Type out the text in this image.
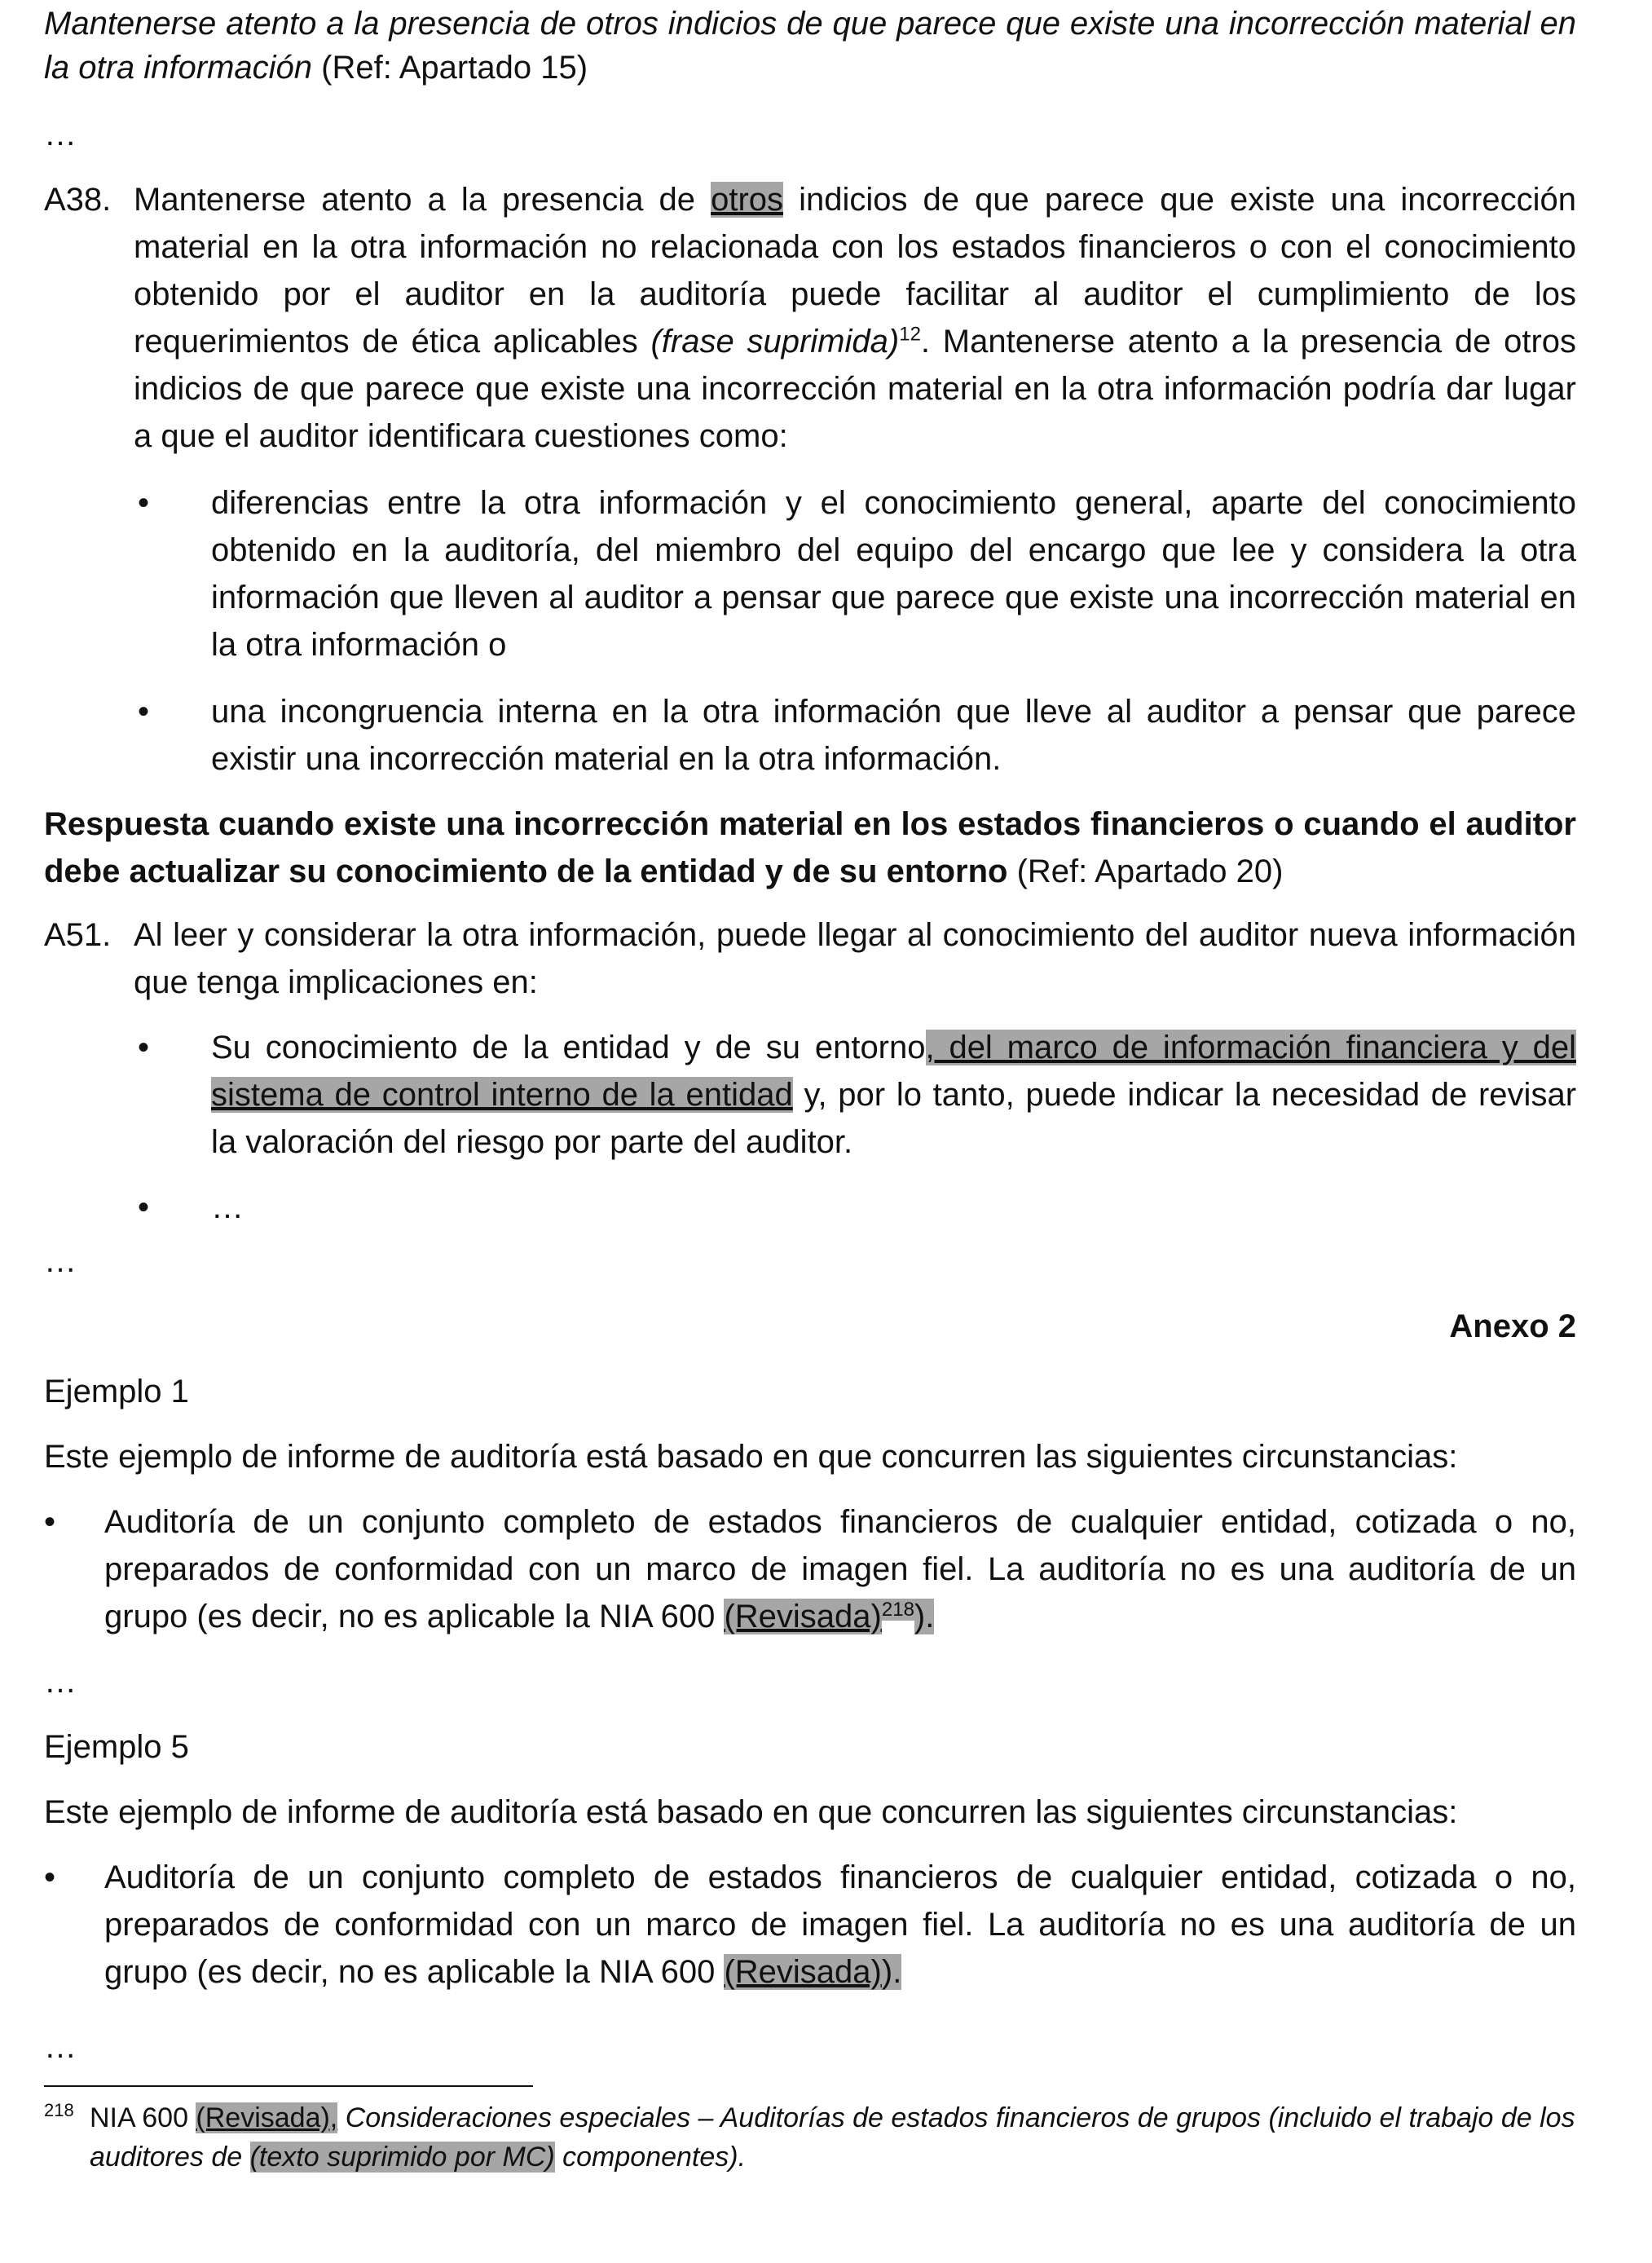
Mantenerse atento a la presencia de otros indicios de que parece que existe una incorrección material en la otra información (Ref: Apartado 15)

…

A38. Mantenerse atento a la presencia de otros indicios de que parece que existe una incorrección material en la otra información no relacionada con los estados financieros o con el conocimiento obtenido por el auditor en la auditoría puede facilitar al auditor el cumplimiento de los requerimientos de ética aplicables (frase suprimida)$^{12}$. Mantenerse atento a la presencia de otros indicios de que parece que existe una incorrección material en la otra información podría dar lugar a que el auditor identificara cuestiones como:
•	diferencias entre la otra información y el conocimiento general, aparte del conocimiento obtenido en la auditoría, del miembro del equipo del encargo que lee y considera la otra información que lleven al auditor a pensar que parece que existe una incorrección material en la otra información o
•	una incongruencia interna en la otra información que lleve al auditor a pensar que parece existir una incorrección material en la otra información.

Respuesta cuando existe una incorrección material en los estados financieros o cuando el auditor debe actualizar su conocimiento de la entidad y de su entorno (Ref: Apartado 20)

A51. Al leer y considerar la otra información, puede llegar al conocimiento del auditor nueva información que tenga implicaciones en:
•	Su conocimiento de la entidad y de su entorno, del marco de información financiera y del sistema de control interno de la entidad y, por lo tanto, puede indicar la necesidad de revisar la valoración del riesgo por parte del auditor.
•	…

…

Anexo 2

Ejemplo 1

Este ejemplo de informe de auditoría está basado en que concurren las siguientes circunstancias:

•	Auditoría de un conjunto completo de estados financieros de cualquier entidad, cotizada o no, preparados de conformidad con un marco de imagen fiel. La auditoría no es una auditoría de un grupo (es decir, no es aplicable la NIA 600 (Revisada)$^{218}$).

…

Ejemplo 5

Este ejemplo de informe de auditoría está basado en que concurren las siguientes circunstancias:

•	Auditoría de un conjunto completo de estados financieros de cualquier entidad, cotizada o no, preparados de conformidad con un marco de imagen fiel. La auditoría no es una auditoría de un grupo (es decir, no es aplicable la NIA 600 (Revisada)).

…

218 NIA 600 (Revisada), Consideraciones especiales – Auditorías de estados financieros de grupos (incluido el trabajo de los auditores de (texto suprimido por MC) componentes).
